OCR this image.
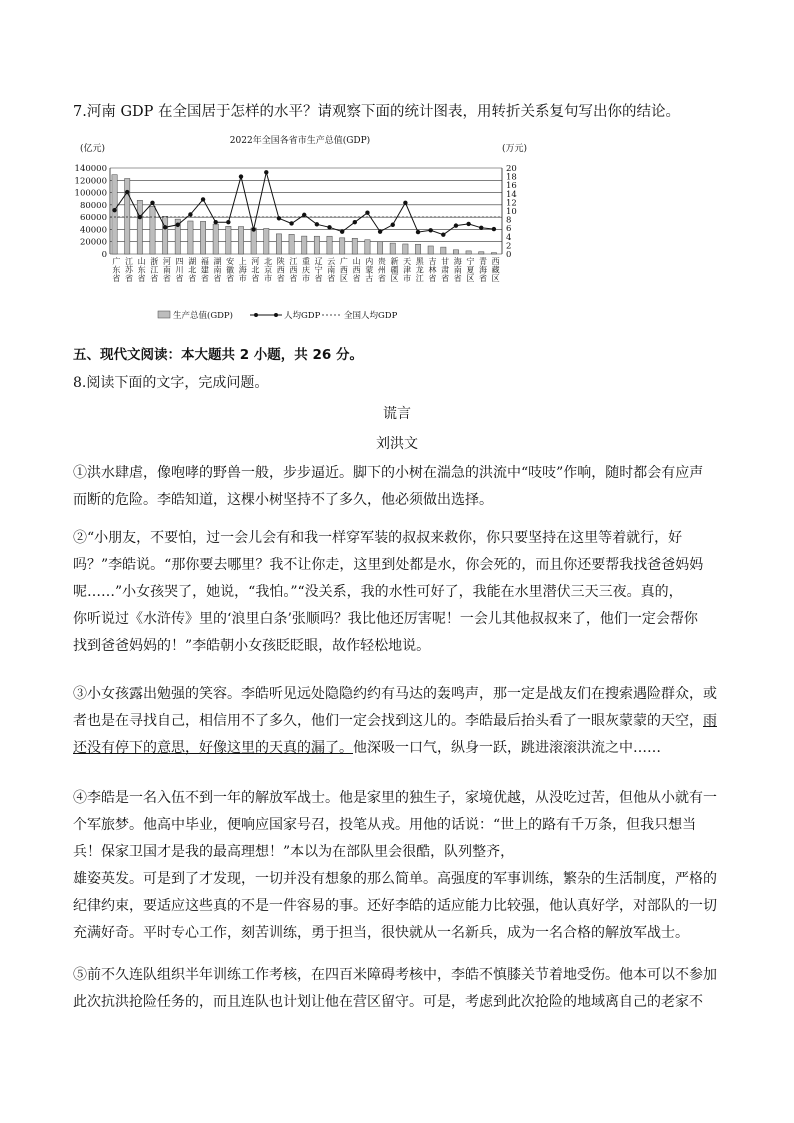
7.河南 GDP 在全国居于怎样的水平？请观察下面的统计图表，用转折关系复句写出你的结论。
2022年全国各省市生产总值(GDP)
(亿元)	(万元)
140000
120000
100000
80000
60000
40000
20000
0
20
18
16
14
12
10
8
6
4
2
0
广东省
江苏省
山东省
浙江省
河南省
四川省
湖北省
福建省
湖南省
安徽省
上海市
河北省
北京市
陕西省
江西省
重庆市
辽宁省
云南省
广西区
山西省
内蒙古
贵州省
新疆区
天津市
黑龙江
吉林省
甘肃省
海南省
宁夏区
青海省
西藏区
生产总值(GDP)	人均GDP	全国人均GDP
五、现代文阅读：本大题共 2 小题，共 26 分。
8.阅读下面的文字，完成问题。
谎言
刘洪文
①洪水肆虐，像咆哮的野兽一般，步步逼近。脚下的小树在湍急的洪流中“吱吱”作响，随时都会有应声
而断的危险。李皓知道，这棵小树坚持不了多久，他必须做出选择。
②“小朋友，不要怕，过一会儿会有和我一样穿军装的叔叔来救你，你只要坚持在这里等着就行，好
吗？”李皓说。“那你要去哪里？我不让你走，这里到处都是水，你会死的，而且你还要帮我找爸爸妈妈
呢……”小女孩哭了，她说，“我怕。”“没关系，我的水性可好了，我能在水里潜伏三天三夜。真的，
你听说过《水浒传》里的‘浪里白条’张顺吗？我比他还厉害呢！一会儿其他叔叔来了，他们一定会帮你
找到爸爸妈妈的！”李皓朝小女孩眨眨眼，故作轻松地说。
③小女孩露出勉强的笑容。李皓听见远处隐隐约约有马达的轰鸣声，那一定是战友们在搜索遇险群众，或
者也是在寻找自己，相信用不了多久，他们一定会找到这儿的。李皓最后抬头看了一眼灰蒙蒙的天空，雨
还没有停下的意思，好像这里的天真的漏了。他深吸一口气，纵身一跃，跳进滚滚洪流之中……
④李皓是一名入伍不到一年的解放军战士。他是家里的独生子，家境优越，从没吃过苦，但他从小就有一
个军旅梦。他高中毕业，便响应国家号召，投笔从戎。用他的话说：“世上的路有千万条，但我只想当
兵！保家卫国才是我的最高理想！”本以为在部队里会很酷，队列整齐，
雄姿英发。可是到了才发现，一切并没有想象的那么简单。高强度的军事训练，繁杂的生活制度，严格的
纪律约束，要适应这些真的不是一件容易的事。还好李皓的适应能力比较强，他认真好学，对部队的一切
充满好奇。平时专心工作，刻苦训练，勇于担当，很快就从一名新兵，成为一名合格的解放军战士。
⑤前不久连队组织半年训练工作考核，在四百米障碍考核中，李皓不慎膝关节着地受伤。他本可以不参加
此次抗洪抢险任务的，而且连队也计划让他在营区留守。可是，考虑到此次抢险的地域离自己的老家不
